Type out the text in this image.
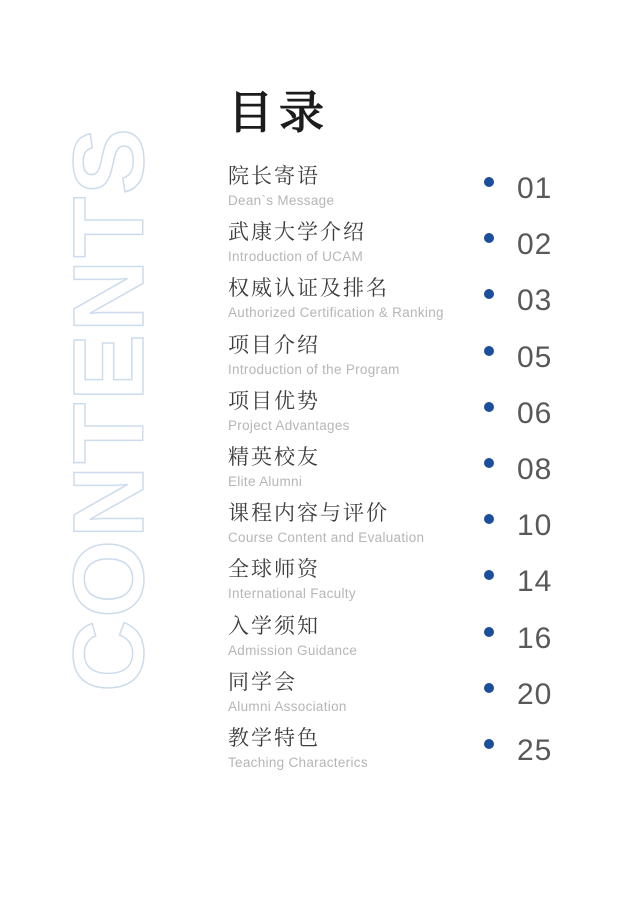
CONTENTS
目录
院长寄语
Dean`s Message	01
武康大学介绍
Introduction of UCAM	02
权威认证及排名
Authorized Certification & Ranking	03
项目介绍
Introduction of the Program	05
项目优势
Project Advantages	06
精英校友
Elite Alumni	08
课程内容与评价
Course Content and Evaluation	10
全球师资
International Faculty	14
入学须知
Admission Guidance	16
同学会
Alumni Association	20
教学特色
Teaching Characterics	25
